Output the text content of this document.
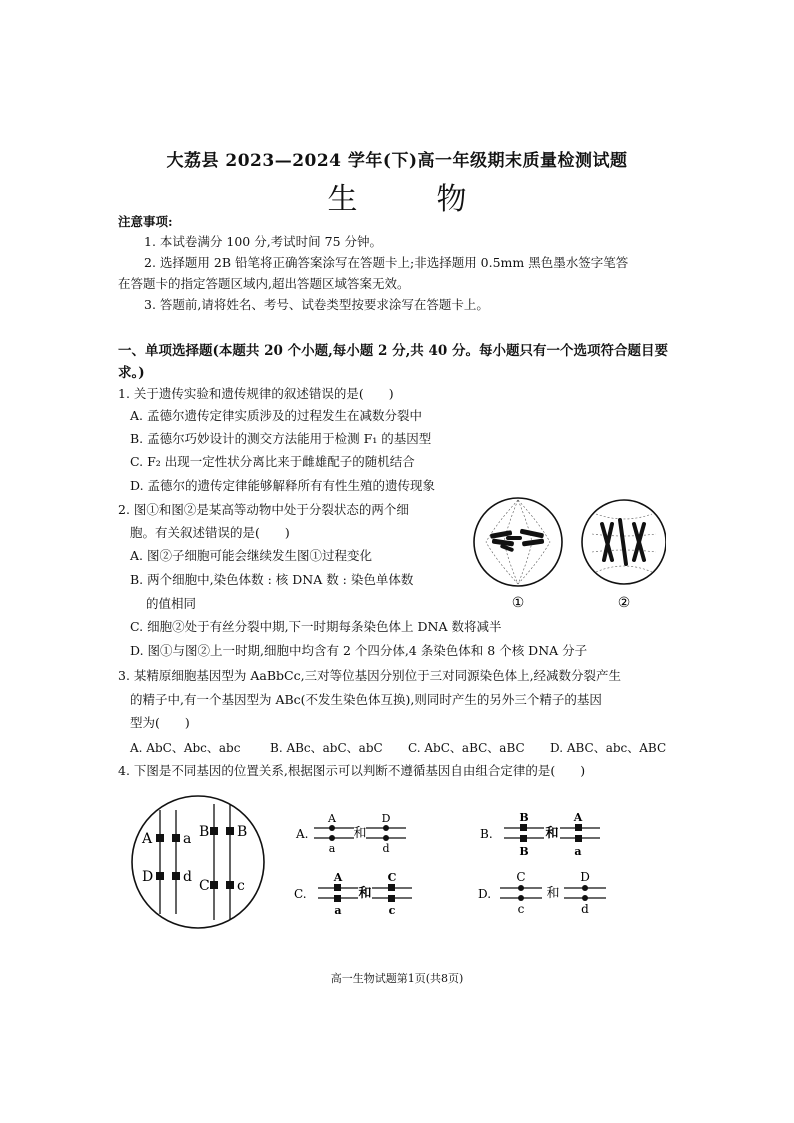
大荔县 2023—2024 学年(下)高一年级期末质量检测试题
生	物
注意事项:
1. 本试卷满分 100 分,考试时间 75 分钟。
2. 选择题用 2B 铅笔将正确答案涂写在答题卡上;非选择题用 0.5mm 黑色墨水签字笔答
在答题卡的指定答题区域内,超出答题区域答案无效。
3. 答题前,请将姓名、考号、试卷类型按要求涂写在答题卡上。
一、单项选择题(本题共 20 个小题,每小题 2 分,共 40 分。每小题只有一个选项符合题目要
求。)
1. 关于遗传实验和遗传规律的叙述错误的是(　　)
A. 孟德尔遗传定律实质涉及的过程发生在减数分裂中
B. 孟德尔巧妙设计的测交方法能用于检测 F₁ 的基因型
C. F₂ 出现一定性状分离比来于雌雄配子的随机结合
D. 孟德尔的遗传定律能够解释所有有性生殖的遗传现象
2. 图①和图②是某高等动物中处于分裂状态的两个细
胞。有关叙述错误的是(　　)
A. 图②子细胞可能会继续发生图①过程变化
B. 两个细胞中,染色体数 : 核 DNA 数 : 染色单体数
的值相同
C. 细胞②处于有丝分裂中期,下一时期每条染色体上 DNA 数将减半
D. 图①与图②上一时期,细胞中均含有 2 个四分体,4 条染色体和 8 个核 DNA 分子
①	②
3. 某精原细胞基因型为 AaBbCc,三对等位基因分别位于三对同源染色体上,经减数分裂产生
的精子中,有一个基因型为 ABc(不发生染色体互换),则同时产生的另外三个精子的基因
型为(　　)
A. AbC、Abc、abc B. ABc、abC、abC C. AbC、aBC、aBC D. ABC、abc、ABC
4. 下图是不同基因的位置关系,根据图示可以判断不遵循基因自由组合定律的是(　　)
A a
D d
B B
C c
A.
A
a
和
D
d
B.
B
B
和
A
a
C.
A
a
和
C
c
D.
C
c
和
D
d
高一生物试题第1页(共8页)
